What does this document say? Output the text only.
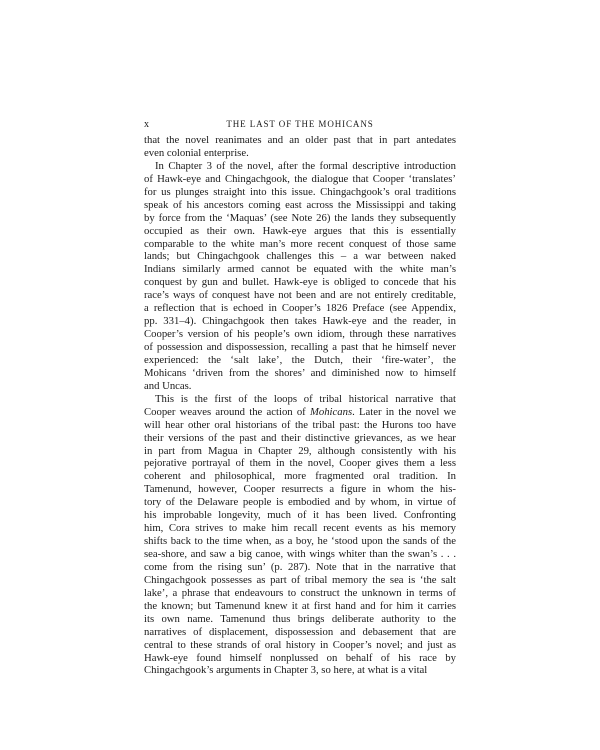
x	THE LAST OF THE MOHICANS
that the novel reanimates and an older past that in part antedates
even colonial enterprise.
In Chapter 3 of the novel, after the formal descriptive introduction
of Hawk-eye and Chingachgook, the dialogue that Cooper ‘translates’
for us plunges straight into this issue. Chingachgook’s oral traditions
speak of his ancestors coming east across the Mississippi and taking
by force from the ‘Maquas’ (see Note 26) the lands they subsequently
occupied as their own. Hawk-eye argues that this is essentially
comparable to the white man’s more recent conquest of those same
lands; but Chingachgook challenges this – a war between naked
Indians similarly armed cannot be equated with the white man’s
conquest by gun and bullet. Hawk-eye is obliged to concede that his
race’s ways of conquest have not been and are not entirely creditable,
a reflection that is echoed in Cooper’s 1826 Preface (see Appendix,
pp. 331–4). Chingachgook then takes Hawk-eye and the reader, in
Cooper’s version of his people’s own idiom, through these narratives
of possession and dispossession, recalling a past that he himself never
experienced: the ‘salt lake’, the Dutch, their ‘fire-water’, the
Mohicans ‘driven from the shores’ and diminished now to himself
and Uncas.
This is the first of the loops of tribal historical narrative that
Cooper weaves around the action of Mohicans. Later in the novel we
will hear other oral historians of the tribal past: the Hurons too have
their versions of the past and their distinctive grievances, as we hear
in part from Magua in Chapter 29, although consistently with his
pejorative portrayal of them in the novel, Cooper gives them a less
coherent and philosophical, more fragmented oral tradition. In
Tamenund, however, Cooper resurrects a figure in whom the his-
tory of the Delaware people is embodied and by whom, in virtue of
his improbable longevity, much of it has been lived. Confronting
him, Cora strives to make him recall recent events as his memory
shifts back to the time when, as a boy, he ‘stood upon the sands of the
sea-shore, and saw a big canoe, with wings whiter than the swan’s . . .
come from the rising sun’ (p. 287). Note that in the narrative that
Chingachgook possesses as part of tribal memory the sea is ‘the salt
lake’, a phrase that endeavours to construct the unknown in terms of
the known; but Tamenund knew it at first hand and for him it carries
its own name. Tamenund thus brings deliberate authority to the
narratives of displacement, dispossession and debasement that are
central to these strands of oral history in Cooper’s novel; and just as
Hawk-eye found himself nonplussed on behalf of his race by
Chingachgook’s arguments in Chapter 3, so here, at what is a vital
